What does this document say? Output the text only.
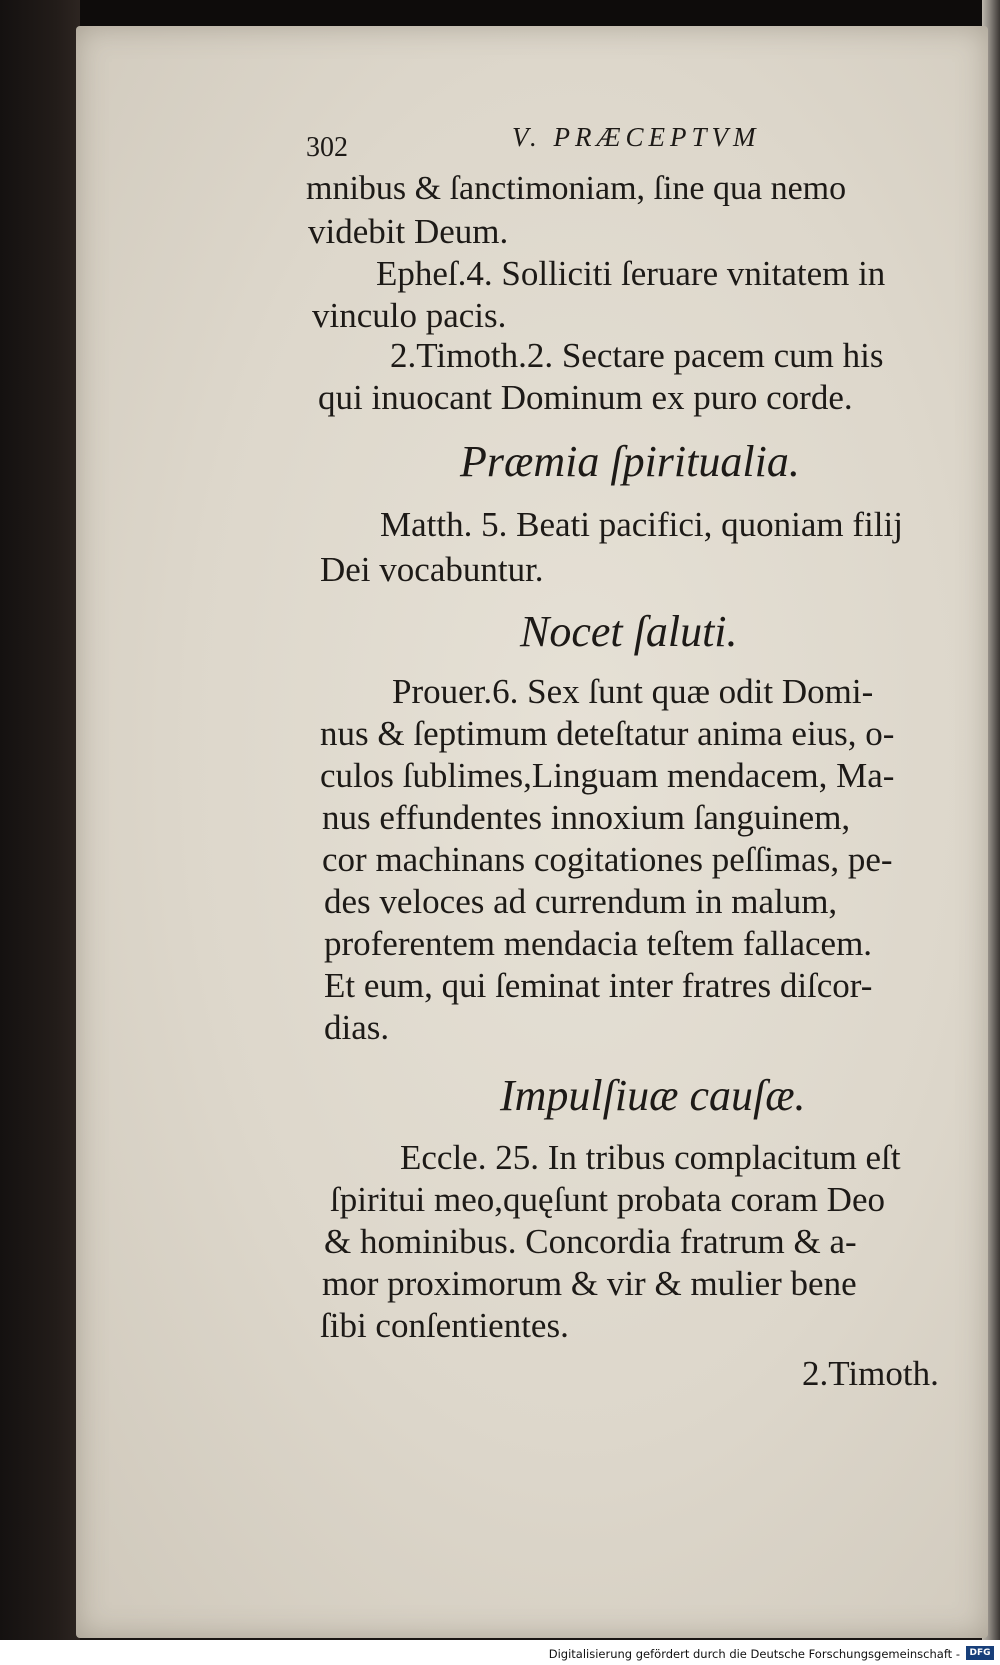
302	V. PRÆCEPTVM
mnibus & ſanctimoniam, ſine qua nemo
videbit Deum.
Epheſ.4. Solliciti ſeruare vnitatem in
vinculo pacis.
2.Timoth.2. Sectare pacem cum his
qui inuocant Dominum ex puro corde.
Præmia ſpiritualia.
Matth. 5. Beati pacifici, quoniam filij
Dei vocabuntur.
Nocet ſaluti.
Prouer.6. Sex ſunt quæ odit Domi-
nus & ſeptimum deteſtatur anima eius, o-
culos ſublimes,Linguam mendacem, Ma-
nus effundentes innoxium ſanguinem,
cor machinans cogitationes peſſimas, pe-
des veloces ad currendum in malum,
proferentem mendacia teſtem fallacem.
Et eum, qui ſeminat inter fratres diſcor-
dias.
Impulſiuæ cauſæ.
Eccle. 25. In tribus complacitum eſt
ſpiritui meo,quęſunt probata coram Deo
& hominibus. Concordia fratrum & a-
mor proximorum & vir & mulier bene
ſibi conſentientes.
2.Timoth.
Digitalisierung gefördert durch die Deutsche Forschungsgemeinschaft -	DFG
